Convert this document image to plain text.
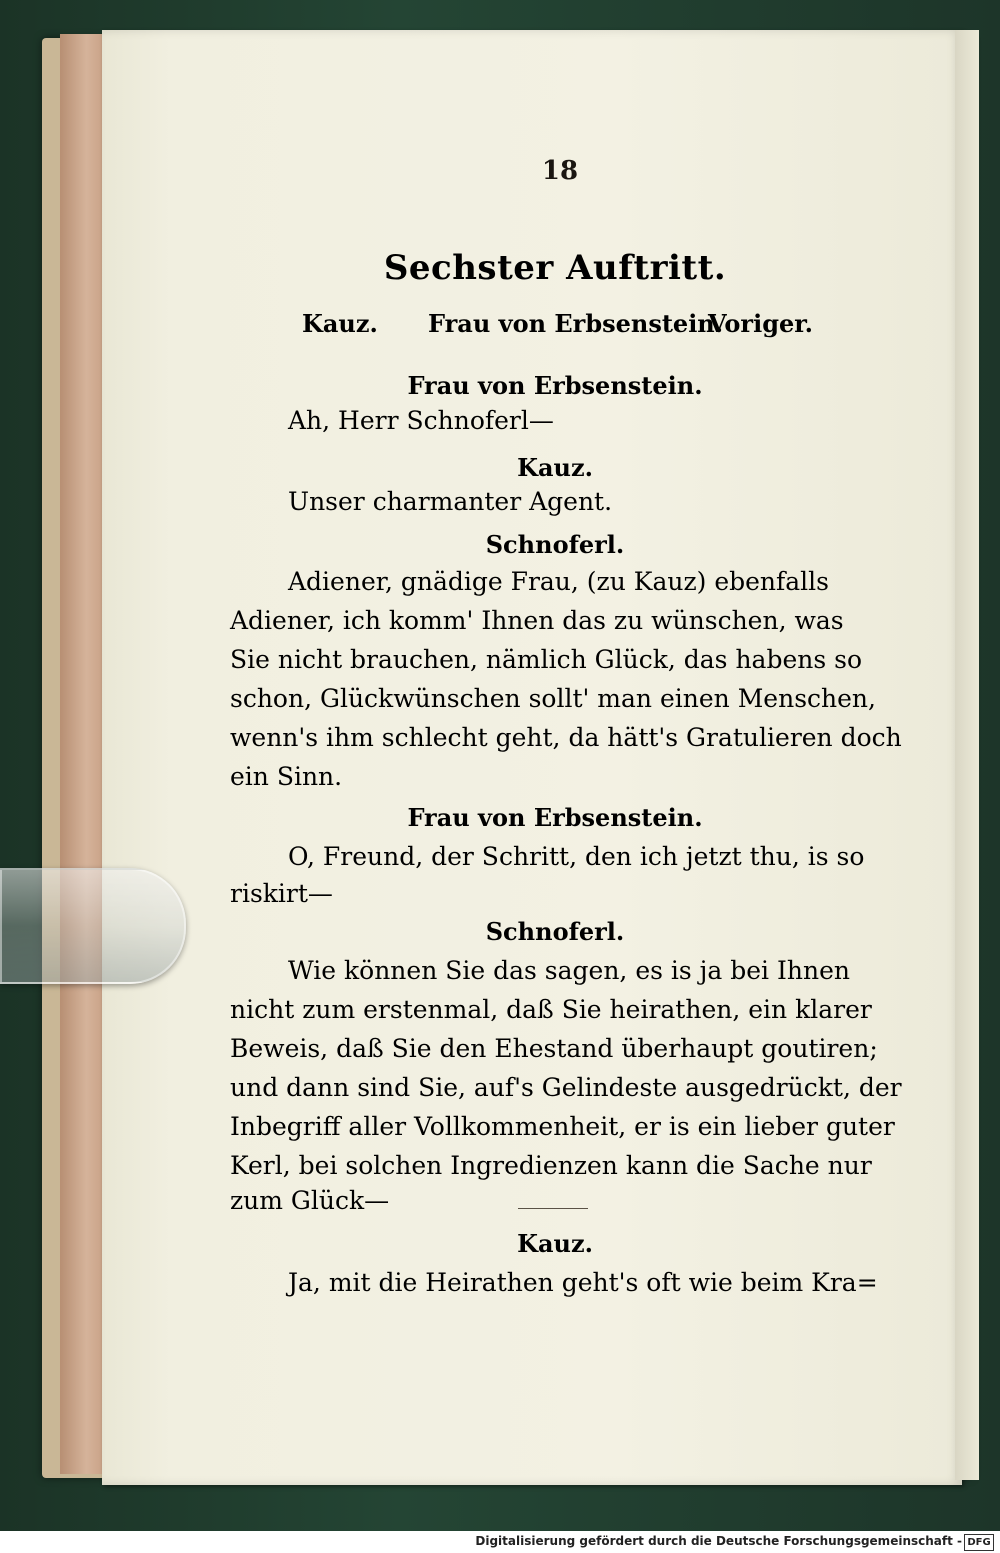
18
Sechster Auftritt.
Kauz. Frau von Erbsenstein.
Voriger.
Frau von Erbsenstein.
Ah, Herr Schnoferl—
Kauz.
Unser charmanter Agent.
Schnoferl.
Adiener, gnädige Frau, (zu Kauz) ebenfalls
Adiener, ich komm' Ihnen das zu wünschen, was
Sie nicht brauchen, nämlich Glück, das habens so
schon, Glückwünschen sollt' man einen Menschen,
wenn's ihm schlecht geht, da hätt's Gratulieren doch
ein Sinn.
Frau von Erbsenstein.
O, Freund, der Schritt, den ich jetzt thu, is so
riskirt—
Schnoferl.
Wie können Sie das sagen, es is ja bei Ihnen
nicht zum erstenmal, daß Sie heirathen, ein klarer
Beweis, daß Sie den Ehestand überhaupt goutiren;
und dann sind Sie, auf's Gelindeste ausgedrückt, der
Inbegriff aller Vollkommenheit, er is ein lieber guter
Kerl, bei solchen Ingredienzen kann die Sache nur
zum Glück—
Kauz.
Ja, mit die Heirathen geht's oft wie beim Kra=
Digitalisierung gefördert durch die Deutsche Forschungsgemeinschaft - DFG
